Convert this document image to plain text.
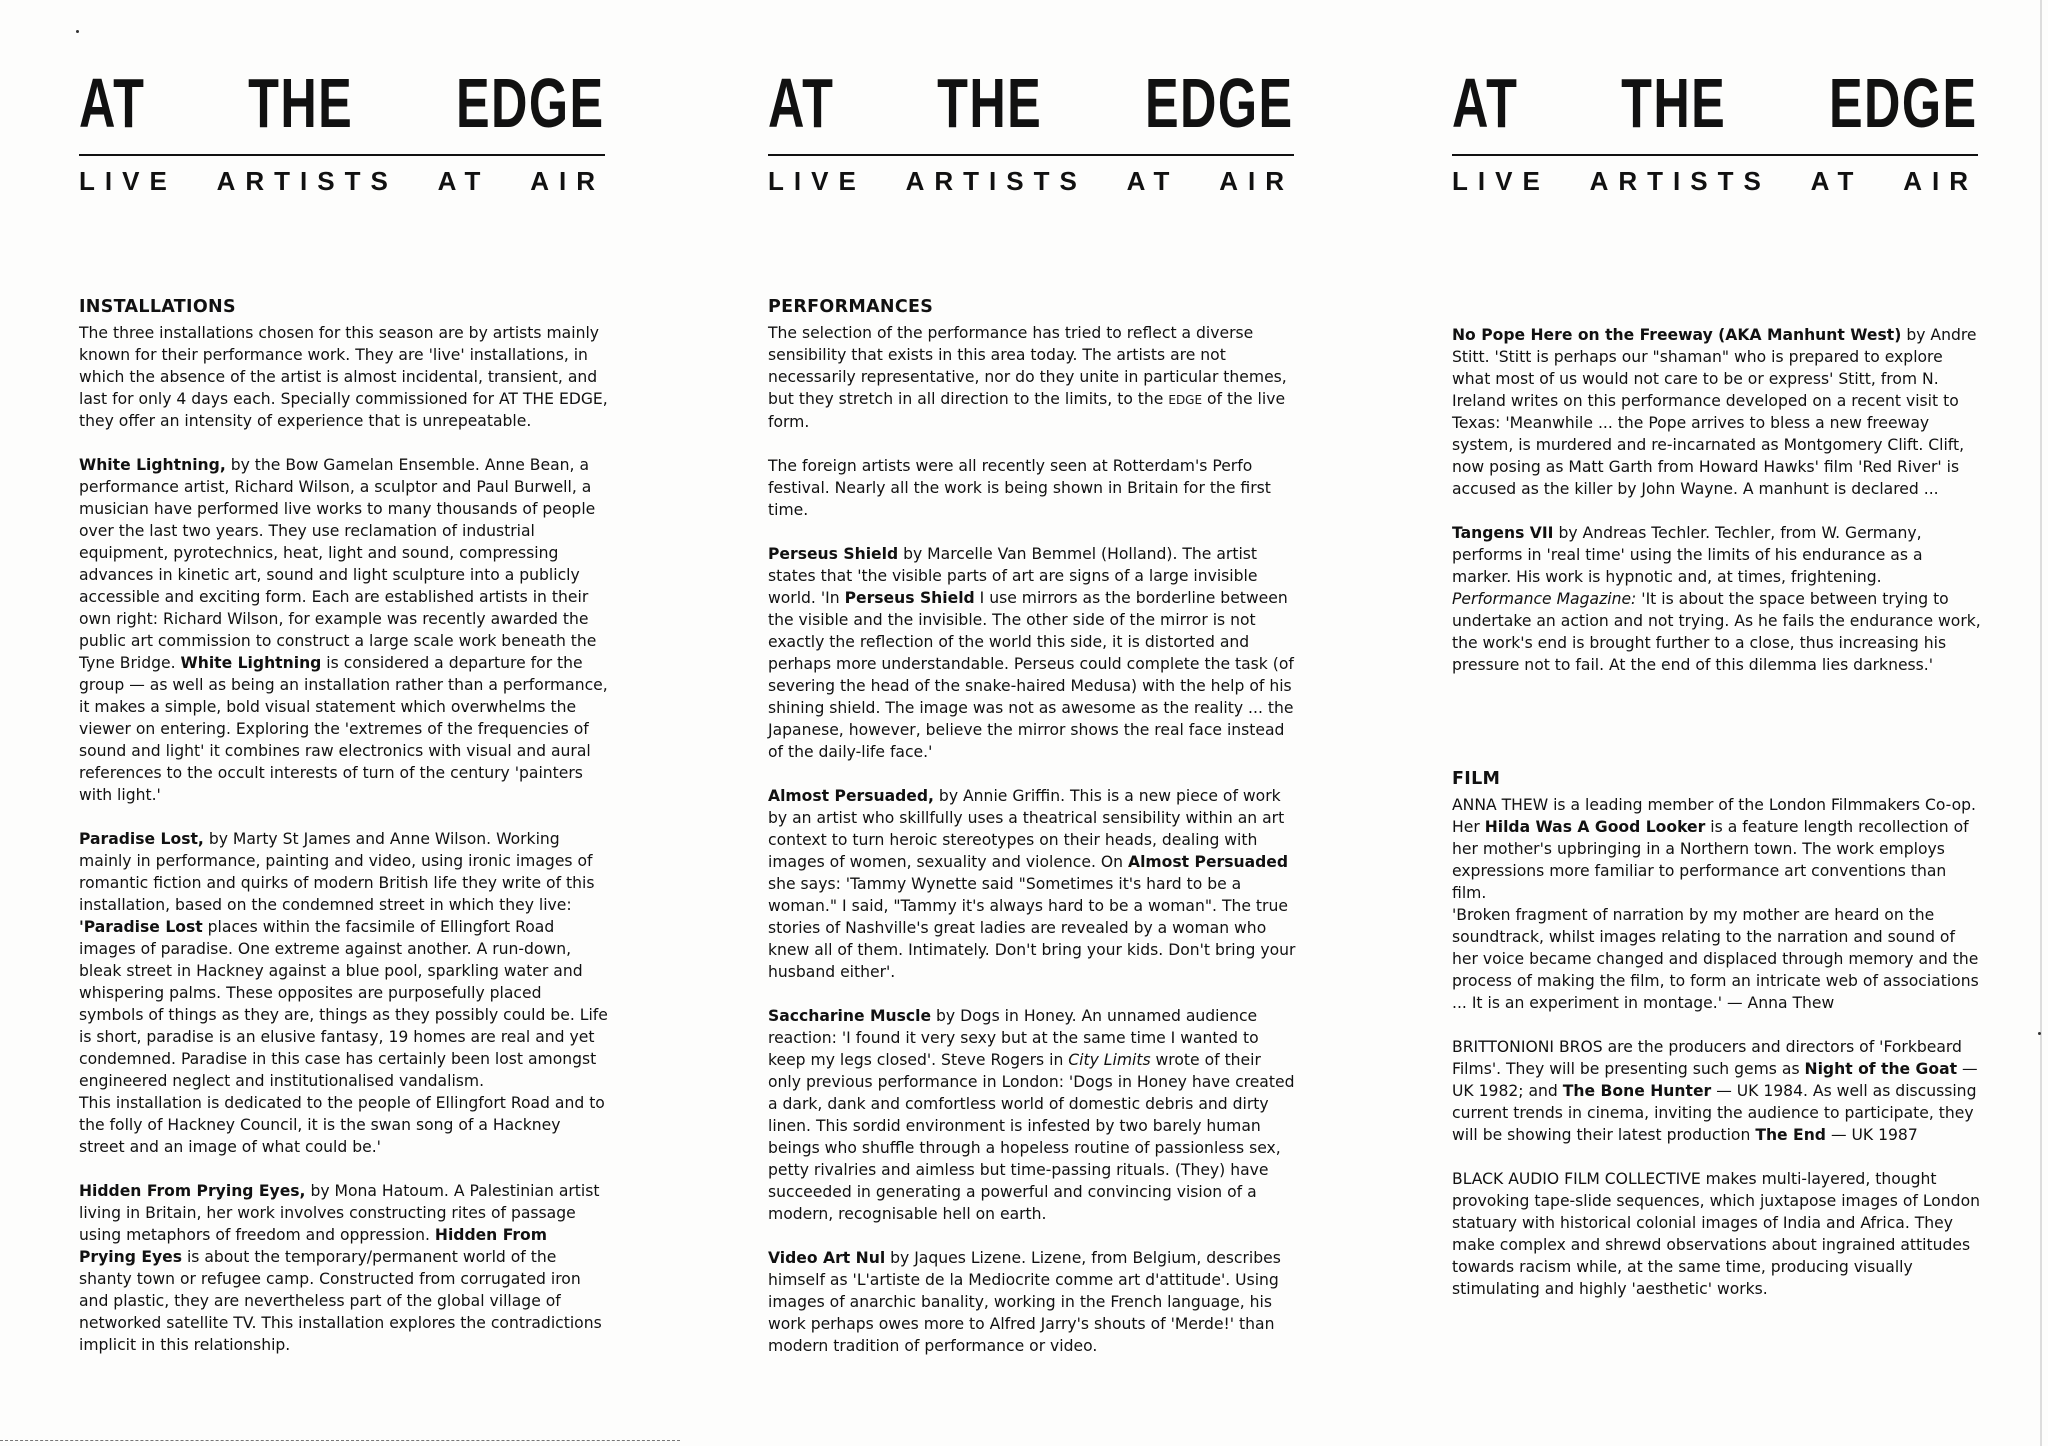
AT THE EDGE
LIVE ARTISTS AT AIR
INSTALLATIONS

The three installations chosen for this season are by artists mainly known for their performance work. They are 'live' installations, in which the absence of the artist is almost incidental, transient, and last for only 4 days each. Specially commissioned for AT THE EDGE, they offer an intensity of experience that is unrepeatable.

White Lightning, by the Bow Gamelan Ensemble. Anne Bean, a performance artist, Richard Wilson, a sculptor and Paul Burwell, a musician have performed live works to many thousands of people over the last two years. They use reclamation of industrial equipment, pyrotechnics, heat, light and sound, compressing advances in kinetic art, sound and light sculpture into a publicly accessible and exciting form. Each are established artists in their own right: Richard Wilson, for example was recently awarded the public art commission to construct a large scale work beneath the Tyne Bridge. White Lightning is considered a departure for the group — as well as being an installation rather than a performance, it makes a simple, bold visual statement which overwhelms the viewer on entering. Exploring the 'extremes of the frequencies of sound and light' it combines raw electronics with visual and aural references to the occult interests of turn of the century 'painters with light.'

Paradise Lost, by Marty St James and Anne Wilson. Working mainly in performance, painting and video, using ironic images of romantic fiction and quirks of modern British life they write of this installation, based on the condemned street in which they live: 'Paradise Lost places within the facsimile of Ellingfort Road images of paradise. One extreme against another. A run-down, bleak street in Hackney against a blue pool, sparkling water and whispering palms. These opposites are purposefully placed symbols of things as they are, things as they possibly could be. Life is short, paradise is an elusive fantasy, 19 homes are real and yet condemned. Paradise in this case has certainly been lost amongst engineered neglect and institutionalised vandalism.
This installation is dedicated to the people of Ellingfort Road and to the folly of Hackney Council, it is the swan song of a Hackney street and an image of what could be.'

Hidden From Prying Eyes, by Mona Hatoum. A Palestinian artist living in Britain, her work involves constructing rites of passage using metaphors of freedom and oppression. Hidden From Prying Eyes is about the temporary/permanent world of the shanty town or refugee camp. Constructed from corrugated iron and plastic, they are nevertheless part of the global village of networked satellite TV. This installation explores the contradictions implicit in this relationship.

AT THE EDGE
LIVE ARTISTS AT AIR
PERFORMANCES

The selection of the performance has tried to reflect a diverse sensibility that exists in this area today. The artists are not necessarily representative, nor do they unite in particular themes, but they stretch in all direction to the limits, to the EDGE of the live form.

The foreign artists were all recently seen at Rotterdam's Perfo festival. Nearly all the work is being shown in Britain for the first time.

Perseus Shield by Marcelle Van Bemmel (Holland). The artist states that 'the visible parts of art are signs of a large invisible world. 'In Perseus Shield I use mirrors as the borderline between the visible and the invisible. The other side of the mirror is not exactly the reflection of the world this side, it is distorted and perhaps more understandable. Perseus could complete the task (of severing the head of the snake-haired Medusa) with the help of his shining shield. The image was not as awesome as the reality ... the Japanese, however, believe the mirror shows the real face instead of the daily-life face.'

Almost Persuaded, by Annie Griffin. This is a new piece of work by an artist who skillfully uses a theatrical sensibility within an art context to turn heroic stereotypes on their heads, dealing with images of women, sexuality and violence. On Almost Persuaded she says: 'Tammy Wynette said "Sometimes it's hard to be a woman." I said, "Tammy it's always hard to be a woman". The true stories of Nashville's great ladies are revealed by a woman who knew all of them. Intimately. Don't bring your kids. Don't bring your husband either'.

Saccharine Muscle by Dogs in Honey. An unnamed audience reaction: 'I found it very sexy but at the same time I wanted to keep my legs closed'. Steve Rogers in City Limits wrote of their only previous performance in London: 'Dogs in Honey have created a dark, dank and comfortless world of domestic debris and dirty linen. This sordid environment is infested by two barely human beings who shuffle through a hopeless routine of passionless sex, petty rivalries and aimless but time-passing rituals. (They) have succeeded in generating a powerful and convincing vision of a modern, recognisable hell on earth.

Video Art Nul by Jaques Lizene. Lizene, from Belgium, describes himself as 'L'artiste de la Mediocrite comme art d'attitude'. Using images of anarchic banality, working in the French language, his work perhaps owes more to Alfred Jarry's shouts of 'Merde!' than modern tradition of performance or video.

AT THE EDGE
LIVE ARTISTS AT AIR

No Pope Here on the Freeway (AKA Manhunt West) by Andre Stitt. 'Stitt is perhaps our "shaman" who is prepared to explore what most of us would not care to be or express' Stitt, from N. Ireland writes on this performance developed on a recent visit to Texas: 'Meanwhile ... the Pope arrives to bless a new freeway system, is murdered and re-incarnated as Montgomery Clift. Clift, now posing as Matt Garth from Howard Hawks' film 'Red River' is accused as the killer by John Wayne. A manhunt is declared ...

Tangens VII by Andreas Techler. Techler, from W. Germany, performs in 'real time' using the limits of his endurance as a marker. His work is hypnotic and, at times, frightening. Performance Magazine: 'It is about the space between trying to undertake an action and not trying. As he fails the endurance work, the work's end is brought further to a close, thus increasing his pressure not to fail. At the end of this dilemma lies darkness.'

FILM

ANNA THEW is a leading member of the London Filmmakers Co-op. Her Hilda Was A Good Looker is a feature length recollection of her mother's upbringing in a Northern town. The work employs expressions more familiar to performance art conventions than film.
'Broken fragment of narration by my mother are heard on the soundtrack, whilst images relating to the narration and sound of her voice became changed and displaced through memory and the process of making the film, to form an intricate web of associations ... It is an experiment in montage.' — Anna Thew

BRITTONIONI BROS are the producers and directors of 'Forkbeard Films'. They will be presenting such gems as Night of the Goat — UK 1982; and The Bone Hunter — UK 1984. As well as discussing current trends in cinema, inviting the audience to participate, they will be showing their latest production The End — UK 1987

BLACK AUDIO FILM COLLECTIVE makes multi-layered, thought provoking tape-slide sequences, which juxtapose images of London statuary with historical colonial images of India and Africa. They make complex and shrewd observations about ingrained attitudes towards racism while, at the same time, producing visually stimulating and highly 'aesthetic' works.
